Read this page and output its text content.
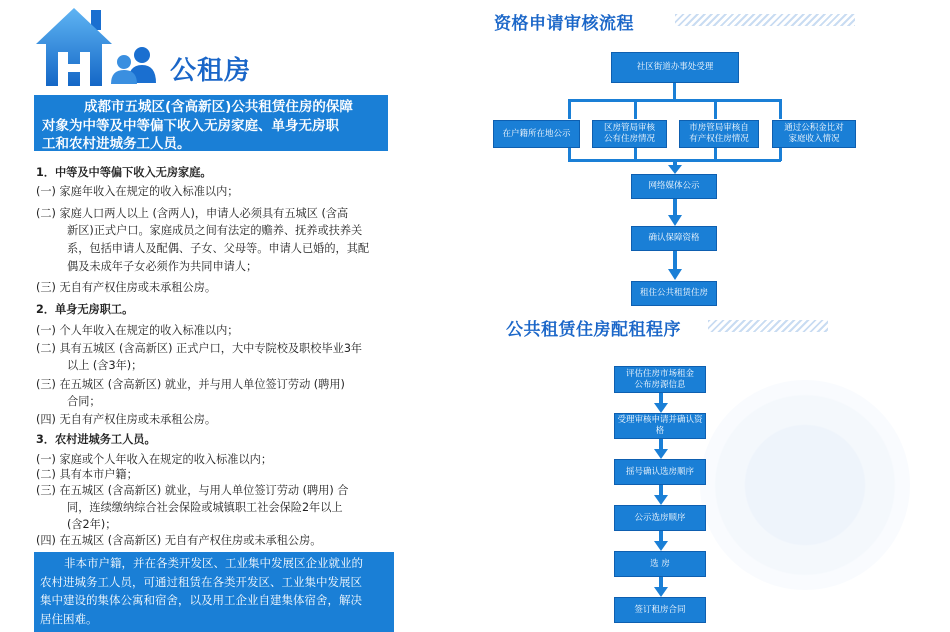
公租房
成都市五城区(含高新区)公共租赁住房的保障
对象为中等及中等偏下收入无房家庭、单身无房职
工和农村进城务工人员。
1．中等及中等偏下收入无房家庭。
(一) 家庭年收入在规定的收入标准以内；
(二) 家庭人口两人以上 (含两人)，申请人必须具有五城区 (含高
新区)正式户口。家庭成员之间有法定的赡养、抚养或扶养关
系，包括申请人及配偶、子女、父母等。申请人已婚的，其配
偶及未成年子女必须作为共同申请人；
(三) 无自有产权住房或未承租公房。
2．单身无房职工。
(一) 个人年收入在规定的收入标准以内；
(二) 具有五城区 (含高新区) 正式户口，大中专院校及职校毕业3年
以上 (含3年)；
(三) 在五城区 (含高新区) 就业，并与用人单位签订劳动 (聘用)
合同；
(四) 无自有产权住房或未承租公房。
3．农村进城务工人员。
(一) 家庭或个人年收入在规定的收入标准以内；
(二) 具有本市户籍；
(三) 在五城区 (含高新区) 就业，与用人单位签订劳动 (聘用) 合
同，连续缴纳综合社会保险或城镇职工社会保险2年以上
(含2年)；
(四) 在五城区 (含高新区) 无自有产权住房或未承租公房。
非本市户籍，并在各类开发区、工业集中发展区企业就业的
农村进城务工人员，可通过租赁在各类开发区、工业集中发展区
集中建设的集体公寓和宿舍，以及用工企业自建集体宿舍，解决
居住困难。
资格申请审核流程
社区街道办事处受理
在户籍所在地公示
区房管局审核
公有住房情况
市房管局审核自
有产权住房情况
通过公积金比对
家庭收入情况
网络媒体公示
确认保障资格
租住公共租赁住房
公共租赁住房配租程序
评估住房市场租金
公布房源信息
受理审核申请并确认资格
摇号确认选房顺序
公示选房顺序
选 房
签订租房合同
